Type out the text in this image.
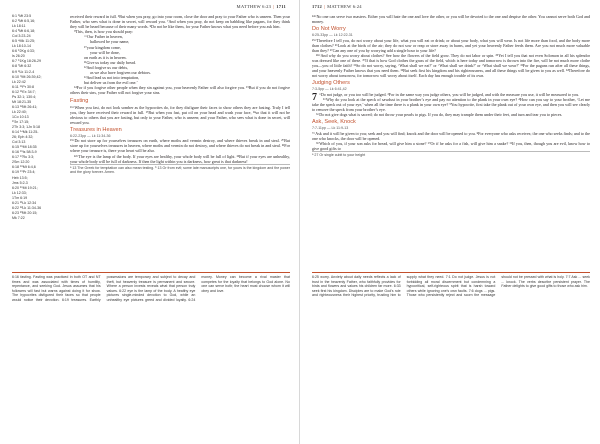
MATTHEW 6:23 | 1711
6:1 ¹Mt 23:5
6:2 ²Mt 6:5,16;
Lk 18:11
6:4 ³Mt 6:6,18;
Col 3:23-24
6:5 ⁴Mk 11:25;
Lk 18:10-14
6:6 ⁵2Kg 4:33;
Is 26:20
6:7 ⁶1Kg 18:26-29
6:8 ⁷Mt 6:32
6:9 ⁸Lk 11:2-4
6:10 ⁹Mt 26:39,42;
Lk 22:42
6:11 ¹⁰Pr 30:8
6:12 ¹¹Ex 34:7;
Ps 32:1; 130:4;
Mt 18:21-35
6:13 ¹²Mt 26:41;
Lk 22:40;
1Co 10:13
¹³Jn 17:15;
2Th 3:3; 1Jn 5:18
6:14 ¹⁴Mk 11:25-
26; Eph 4:32;
Col 3:13
6:15 ¹⁵Mt 18:35
6:16 ¹⁶Is 58:3-9
6:17 ¹⁷Ru 3:3;
2Sm 12:20
6:18 ¹⁸Mt 6:4,6
6:19 ¹⁹Pr 23:4;
Heb 13:5;
Jms 5:2-3
6:20 ²⁰Mt 19:21;
Lk 12:33;
1Tm 6:19
6:21 ²¹Lk 12:34
6:22 ²²Lk 11:34-36
6:23 ²³Mt 20:15;
Mk 7:22
received their reward in full. ⁶But when you pray, go into your room, close the door and pray to your Father who is unseen. Then your Father, who sees what is done in secret, will reward you. ⁷And when you pray, do not keep on babbling like pagans, for they think they will be heard because of their many words. ⁸Do not be like them, for your Father knows what you need before you ask him.
⁹This, then, is how you should pray:
“‘Our Father in heaven,
hallowed be your name,
¹⁰your kingdom come,
your will be done,
on earth as it is in heaven.
¹¹Give us today our daily bread.
¹²And forgive us our debts,
as we also have forgiven our debtors.
¹³And lead us not into temptation,
but deliver us from the evil one.’
¹⁴For if you forgive other people when they sin against you, your heavenly Father will also forgive you. ¹⁵But if you do not forgive others their sins, your Father will not forgive your sins.
Fasting
¹⁶“When you fast, do not look somber as the hypocrites do, for they disfigure their faces to show others they are fasting. Truly I tell you, they have received their reward in full. ¹⁷But when you fast, put oil on your head and wash your face, ¹⁸so that it will not be obvious to others that you are fasting, but only to your Father, who is unseen; and your Father, who sees what is done in secret, will reward you.
Treasures in Heaven
6:22-23pp — Lk 11:34-36
¹⁹“Do not store up for yourselves treasures on earth, where moths and vermin destroy, and where thieves break in and steal. ²⁰But store up for yourselves treasures in heaven, where moths and vermin do not destroy, and where thieves do not break in and steal. ²¹For where your treasure is, there your heart will be also.
²²“The eye is the lamp of the body. If your eyes are healthy, your whole body will be full of light. ²³But if your eyes are unhealthy, your whole body will be full of darkness. If then the light within you is darkness, how great is that darkness!
ᵃ 13 The Greek for temptation can also mean testing. ᵇ 13 Or from evil; some late manuscripts one, for yours is the kingdom and the power and the glory forever. Amen.
6:16 fasting. Fasting was practiced in both OT and NT times and was associated with times of humility, repentance, and seeking God. Jesus assumes that his followers will fast but warns against doing it for show. The hypocrites disfigured their faces so that people would notice their devotion. 6:19 treasures. Earthly possessions are temporary and subject to decay and theft, but heavenly treasure is permanent and secure. Where a person invests reveals what that person truly values. 6:22 eye is the lamp of the body. A healthy eye pictures single-minded devotion to God, while an unhealthy eye pictures greed and divided loyalty. 6:24 money. Money can become a rival master that competes for the loyalty that belongs to God alone. No one can serve both; the heart must choose whom it will obey and love.
1712 | MATTHEW 6:24
²⁴“No one can serve two masters. Either you will hate the one and love the other, or you will be devoted to the one and despise the other. You cannot serve both God and money.
Do Not Worry
6:25-33pp — Lk 12:22-31
²⁵“Therefore I tell you, do not worry about your life, what you will eat or drink; or about your body, what you will wear. Is not life more than food, and the body more than clothes? ²⁶Look at the birds of the air; they do not sow or reap or store away in barns, and yet your heavenly Father feeds them. Are you not much more valuable than they? ²⁷Can any one of you by worrying add a single hour to your life?
²⁸“And why do you worry about clothes? See how the flowers of the field grow. They do not labor or spin. ²⁹Yet I tell you that not even Solomon in all his splendor was dressed like one of these. ³⁰If that is how God clothes the grass of the field, which is here today and tomorrow is thrown into the fire, will he not much more clothe you—you of little faith? ³¹So do not worry, saying, ‘What shall we eat?’ or ‘What shall we drink?’ or ‘What shall we wear?’ ³²For the pagans run after all these things, and your heavenly Father knows that you need them. ³³But seek first his kingdom and his righteousness, and all these things will be given to you as well. ³⁴Therefore do not worry about tomorrow, for tomorrow will worry about itself. Each day has enough trouble of its own.
Judging Others
7:3-5pp — Lk 6:41,42
7 “Do not judge, or you too will be judged. ²For in the same way you judge others, you will be judged, and with the measure you use, it will be measured to you.
³“Why do you look at the speck of sawdust in your brother’s eye and pay no attention to the plank in your own eye? ⁴How can you say to your brother, ‘Let me take the speck out of your eye,’ when all the time there is a plank in your own eye? ⁵You hypocrite, first take the plank out of your own eye, and then you will see clearly to remove the speck from your brother’s eye.
⁶“Do not give dogs what is sacred; do not throw your pearls to pigs. If you do, they may trample them under their feet, and turn and tear you to pieces.
Ask, Seek, Knock
7:7-11pp — Lk 11:9-13
⁷“Ask and it will be given to you; seek and you will find; knock and the door will be opened to you. ⁸For everyone who asks receives; the one who seeks finds; and to the one who knocks, the door will be opened.
⁹“Which of you, if your son asks for bread, will give him a stone? ¹⁰Or if he asks for a fish, will give him a snake? ¹¹If you, then, though you are evil, know how to give good gifts to
ᵃ 27 Or single cubit to your height
6:25 worry. Anxiety about daily needs reflects a lack of trust in the heavenly Father, who faithfully provides for birds and flowers and values his children far more. 6:33 seek first his kingdom. Disciples are to make God’s rule and righteousness their highest priority, trusting him to supply what they need. 7:1 Do not judge. Jesus is not forbidding all moral discernment but condemning a hypocritical, self-righteous spirit that is harsh toward others while ignoring one’s own faults. 7:6 dogs ... pigs. Those who persistently reject and scorn the message should not be pressed with what is holy. 7:7 Ask ... seek ... knock. The verbs describe persistent prayer. The Father delights to give good gifts to those who ask him.
